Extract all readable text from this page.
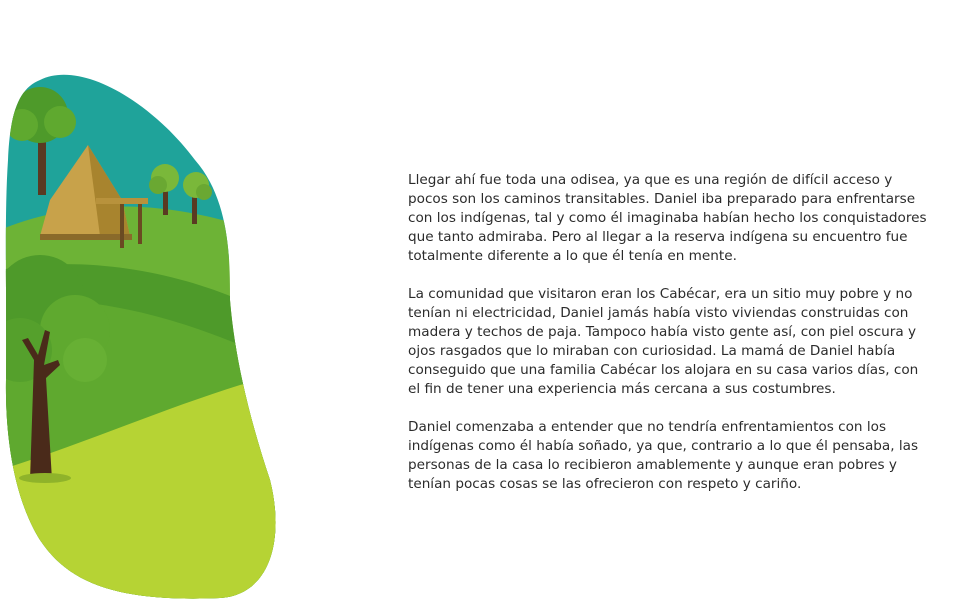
Llegar ahí fue toda una odisea, ya que es una región de difícil acceso y pocos son los caminos transitables. Daniel iba preparado para enfrentarse con los indígenas, tal y como él imaginaba habían hecho los conquistadores que tanto admiraba. Pero al llegar a la reserva indígena su encuentro fue totalmente diferente a lo que él tenía en mente.

La comunidad que visitaron eran los Cabécar, era un sitio muy pobre y no tenían ni electricidad, Daniel jamás había visto viviendas construidas con madera y techos de paja. Tampoco había visto gente así, con piel oscura y ojos rasgados que lo miraban con curiosidad. La mamá de Daniel había conseguido que una familia Cabécar los alojara en su casa varios días, con el fin de tener una experiencia más cercana a sus costumbres.

Daniel comenzaba a entender que no tendría enfrentamientos con los indígenas como él había soñado, ya que, contrario a lo que él pensaba, las personas de la casa lo recibieron amablemente y aunque eran pobres y tenían pocas cosas se las ofrecieron con respeto y cariño.
